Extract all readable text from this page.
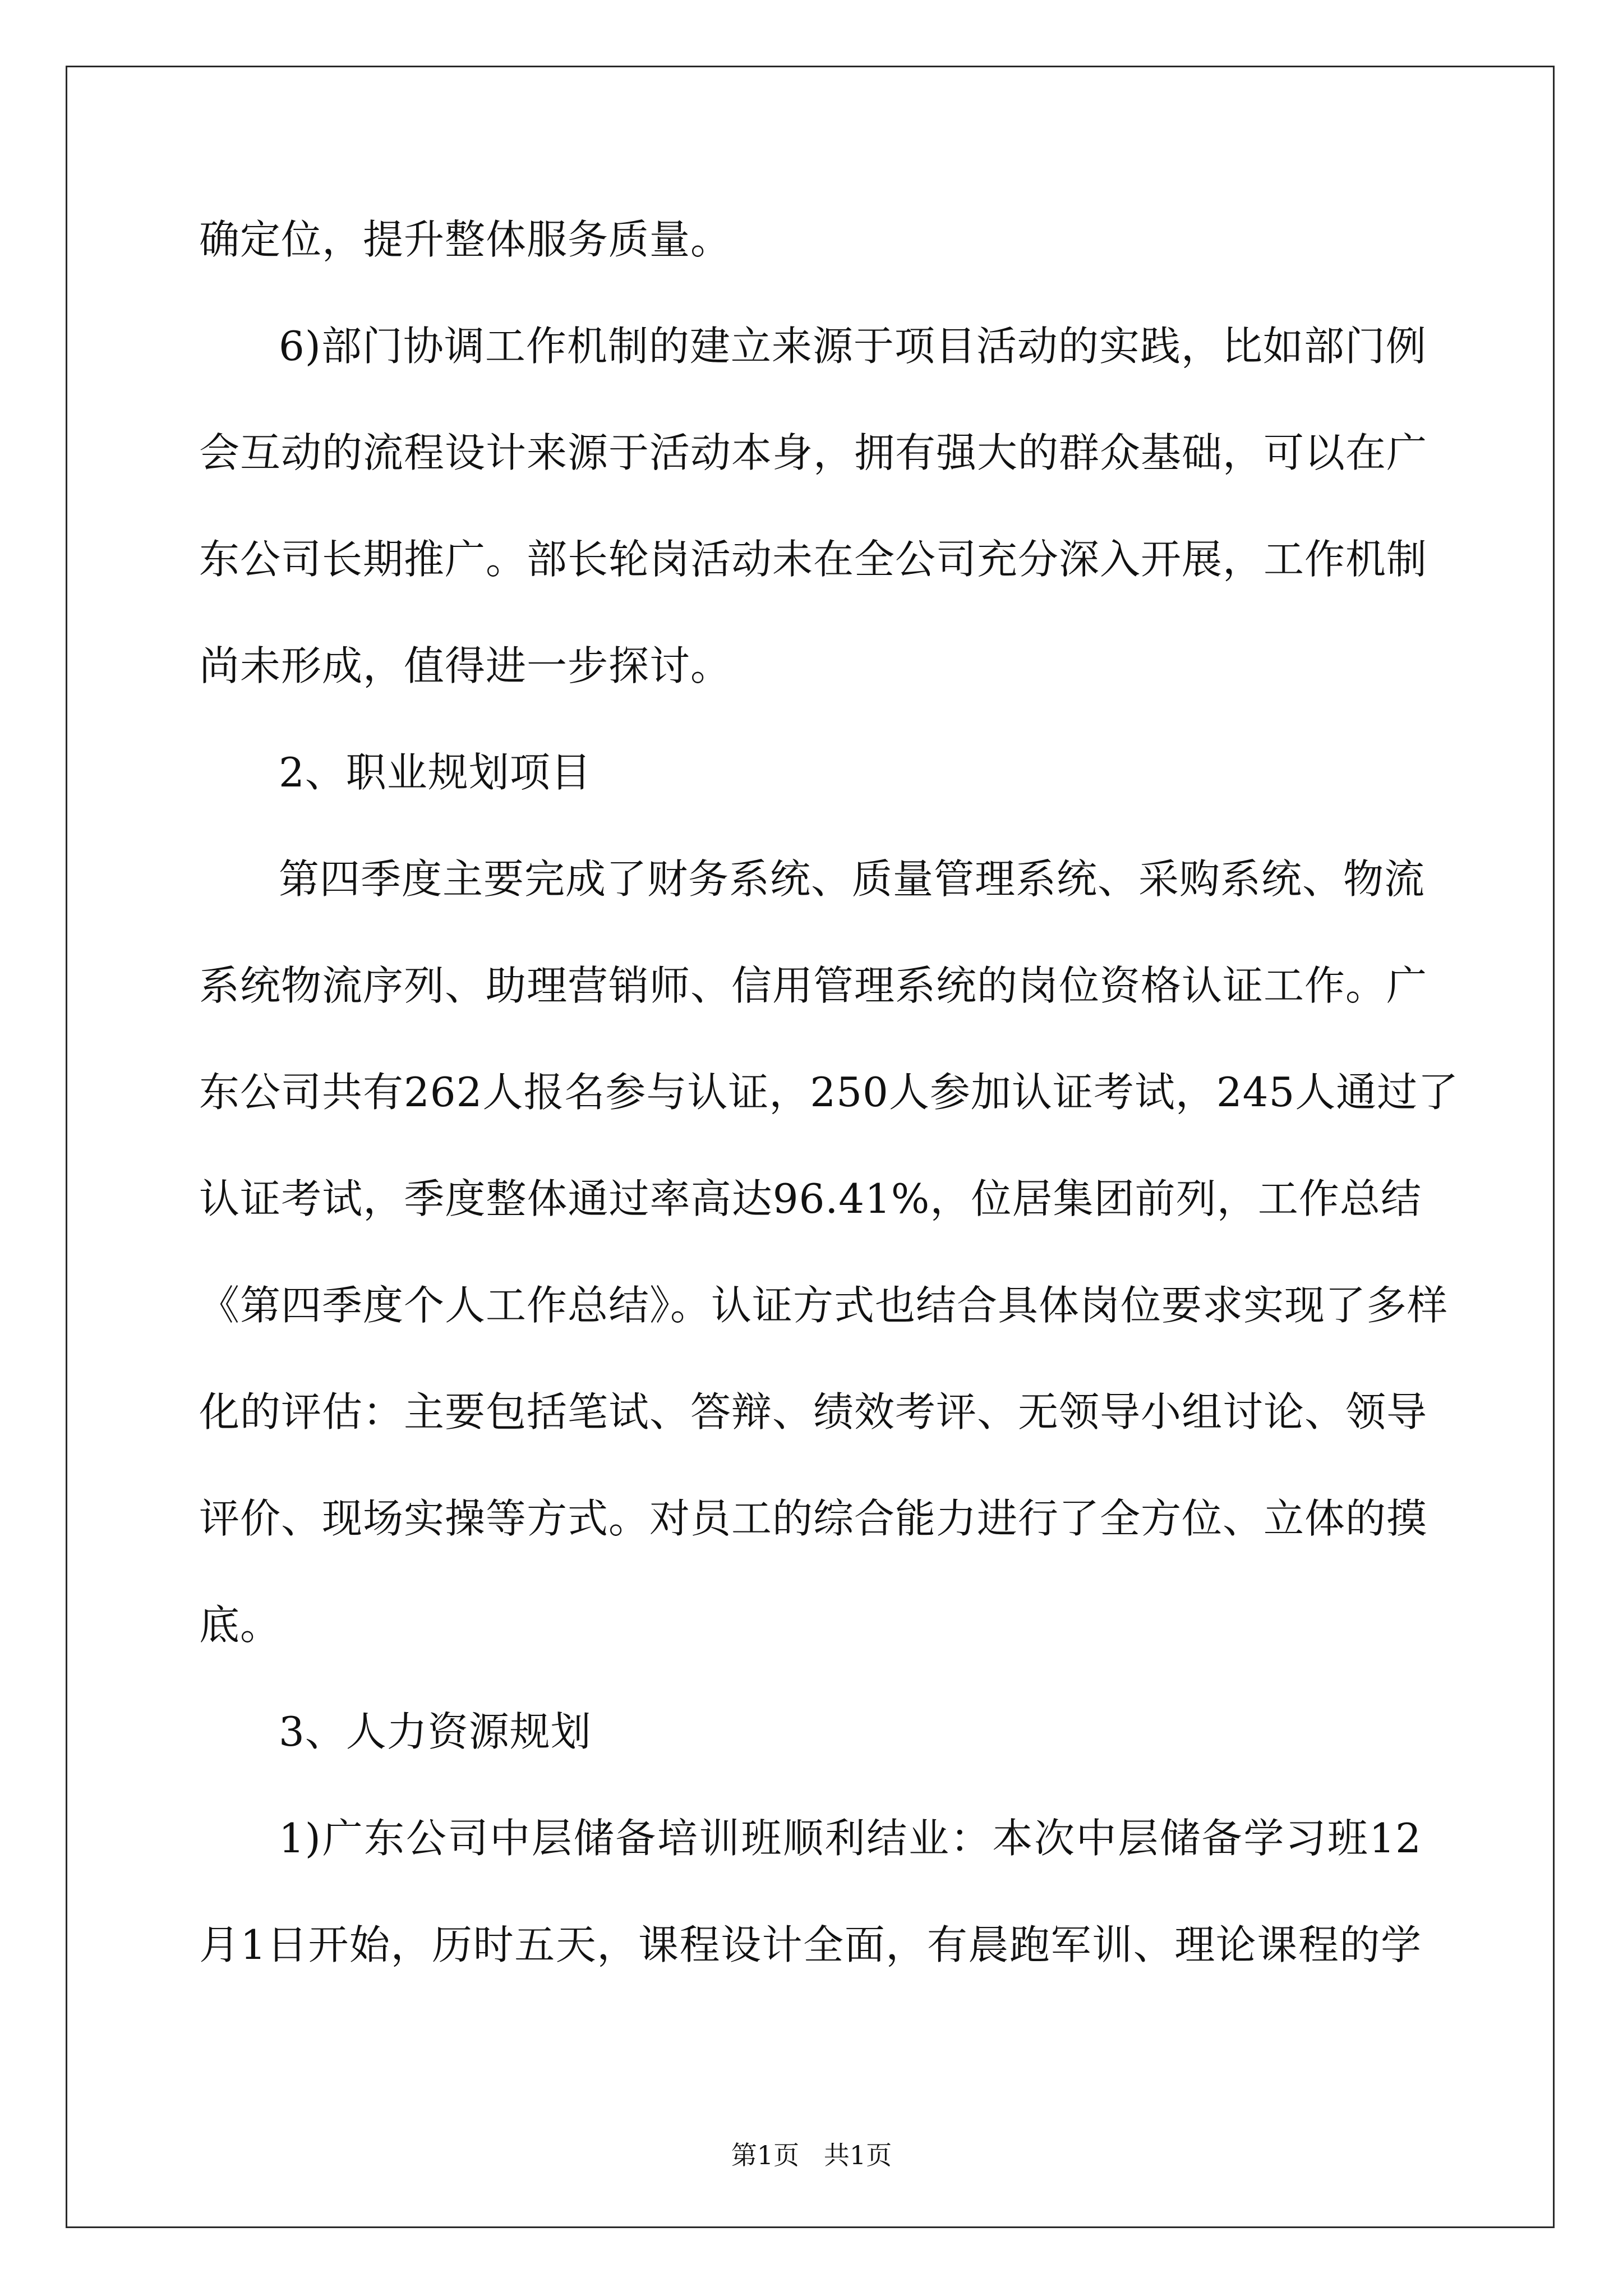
确定位，提升整体服务质量。
6)部门协调工作机制的建立来源于项目活动的实践，比如部门例
会互动的流程设计来源于活动本身，拥有强大的群众基础，可以在广
东公司长期推广。部长轮岗活动未在全公司充分深入开展，工作机制
尚未形成，值得进一步探讨。
2、职业规划项目
第四季度主要完成了财务系统、质量管理系统、采购系统、物流
系统物流序列、助理营销师、信用管理系统的岗位资格认证工作。广
东公司共有262人报名参与认证，250人参加认证考试，245人通过了
认证考试，季度整体通过率高达96.41%，位居集团前列，工作总结
《第四季度个人工作总结》。认证方式也结合具体岗位要求实现了多样
化的评估：主要包括笔试、答辩、绩效考评、无领导小组讨论、领导
评价、现场实操等方式。对员工的综合能力进行了全方位、立体的摸
底。
3、人力资源规划
1)广东公司中层储备培训班顺利结业：本次中层储备学习班12
月1日开始，历时五天，课程设计全面，有晨跑军训、理论课程的学
第1页   共1页
